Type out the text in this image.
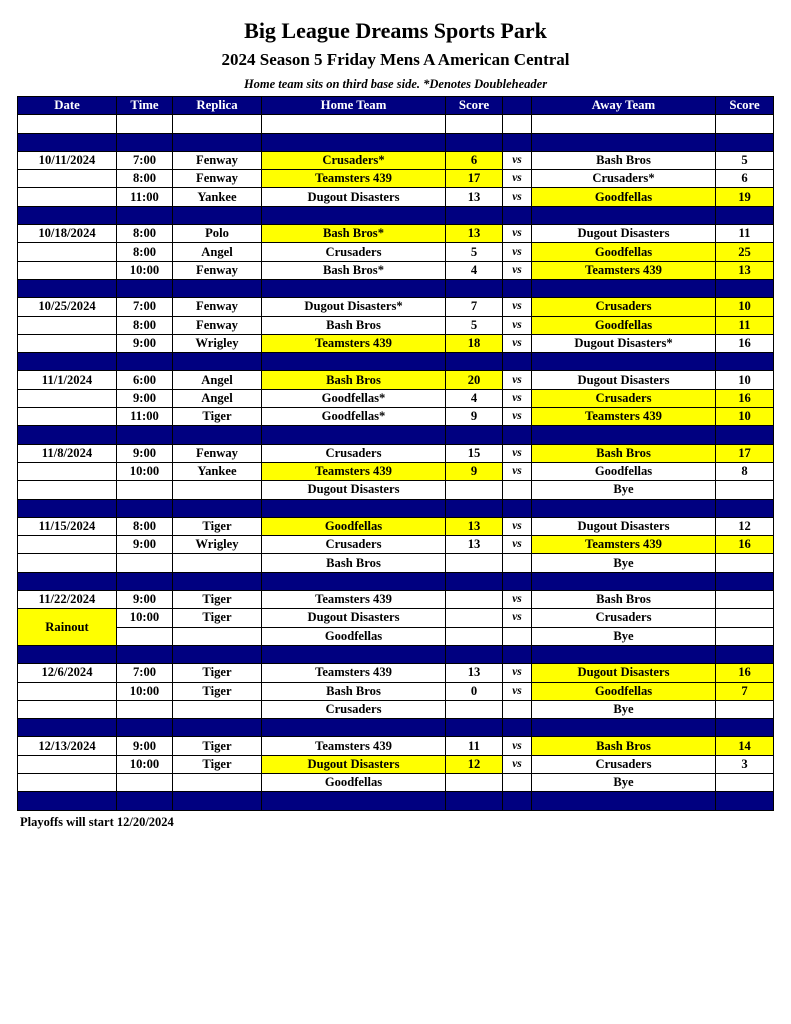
Big League Dreams Sports Park
2024 Season 5 Friday Mens A American Central
Home team sits on third base side. *Denotes Doubleheader
Date	Time	Replica	Home Team	Score		Away Team	Score

10/11/2024	7:00	Fenway	Crusaders*	6	vs	Bash Bros	5
	8:00	Fenway	Teamsters 439	17	vs	Crusaders*	6
	11:00	Yankee	Dugout Disasters	13	vs	Goodfellas	19

10/18/2024	8:00	Polo	Bash Bros*	13	vs	Dugout Disasters	11
	8:00	Angel	Crusaders	5	vs	Goodfellas	25
	10:00	Fenway	Bash Bros*	4	vs	Teamsters 439	13

10/25/2024	7:00	Fenway	Dugout Disasters*	7	vs	Crusaders	10
	8:00	Fenway	Bash Bros	5	vs	Goodfellas	11
	9:00	Wrigley	Teamsters 439	18	vs	Dugout Disasters*	16

11/1/2024	6:00	Angel	Bash Bros	20	vs	Dugout Disasters	10
	9:00	Angel	Goodfellas*	4	vs	Crusaders	16
	11:00	Tiger	Goodfellas*	9	vs	Teamsters 439	10

11/8/2024	9:00	Fenway	Crusaders	15	vs	Bash Bros	17
	10:00	Yankee	Teamsters 439	9	vs	Goodfellas	8
			Dugout Disasters			Bye	

11/15/2024	8:00	Tiger	Goodfellas	13	vs	Dugout Disasters	12
	9:00	Wrigley	Crusaders	13	vs	Teamsters 439	16
			Bash Bros			Bye	

11/22/2024	9:00	Tiger	Teamsters 439		vs	Bash Bros	
Rainout	10:00	Tiger	Dugout Disasters		vs	Crusaders	
			Goodfellas			Bye	

12/6/2024	7:00	Tiger	Teamsters 439	13	vs	Dugout Disasters	16
	10:00	Tiger	Bash Bros	0	vs	Goodfellas	7
			Crusaders			Bye	

12/13/2024	9:00	Tiger	Teamsters 439	11	vs	Bash Bros	14
	10:00	Tiger	Dugout Disasters	12	vs	Crusaders	3
			Goodfellas			Bye	

Playoffs will start 12/20/2024
